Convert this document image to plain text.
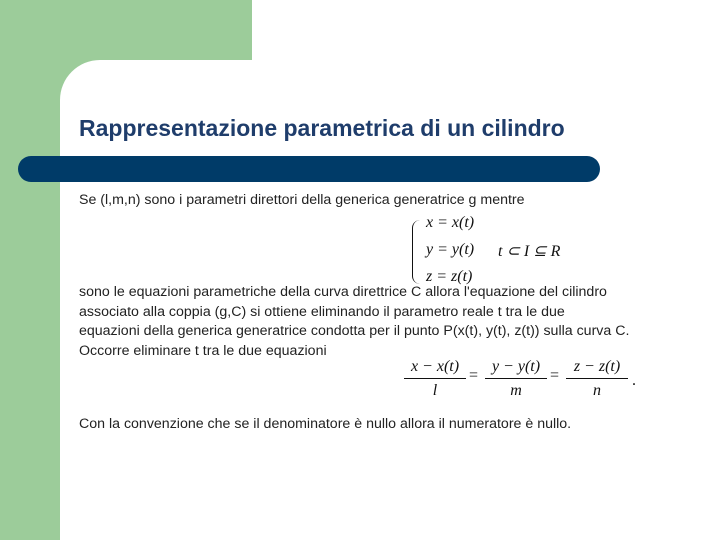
Rappresentazione parametrica di un cilindro

Se (l,m,n) sono i parametri direttori della generica generatrice g mentre

x = x(t)
y = y(t)
z = z(t)
t ⊂ I ⊆ R
sono le equazioni parametriche della curva direttrice C allora l'equazione del cilindro
associato alla coppia (g,C) si ottiene eliminando il parametro reale t tra le due
equazioni della generica generatrice condotta per il punto P(x(t), y(t), z(t)) sulla curva C.
Occorre eliminare t tra le due equazioni
$\frac{x - x(t)}{l} = \frac{y - y(t)}{m} = \frac{z - z(t)}{n}$ .

Con la convenzione che se il denominatore è nullo allora il numeratore è nullo.
